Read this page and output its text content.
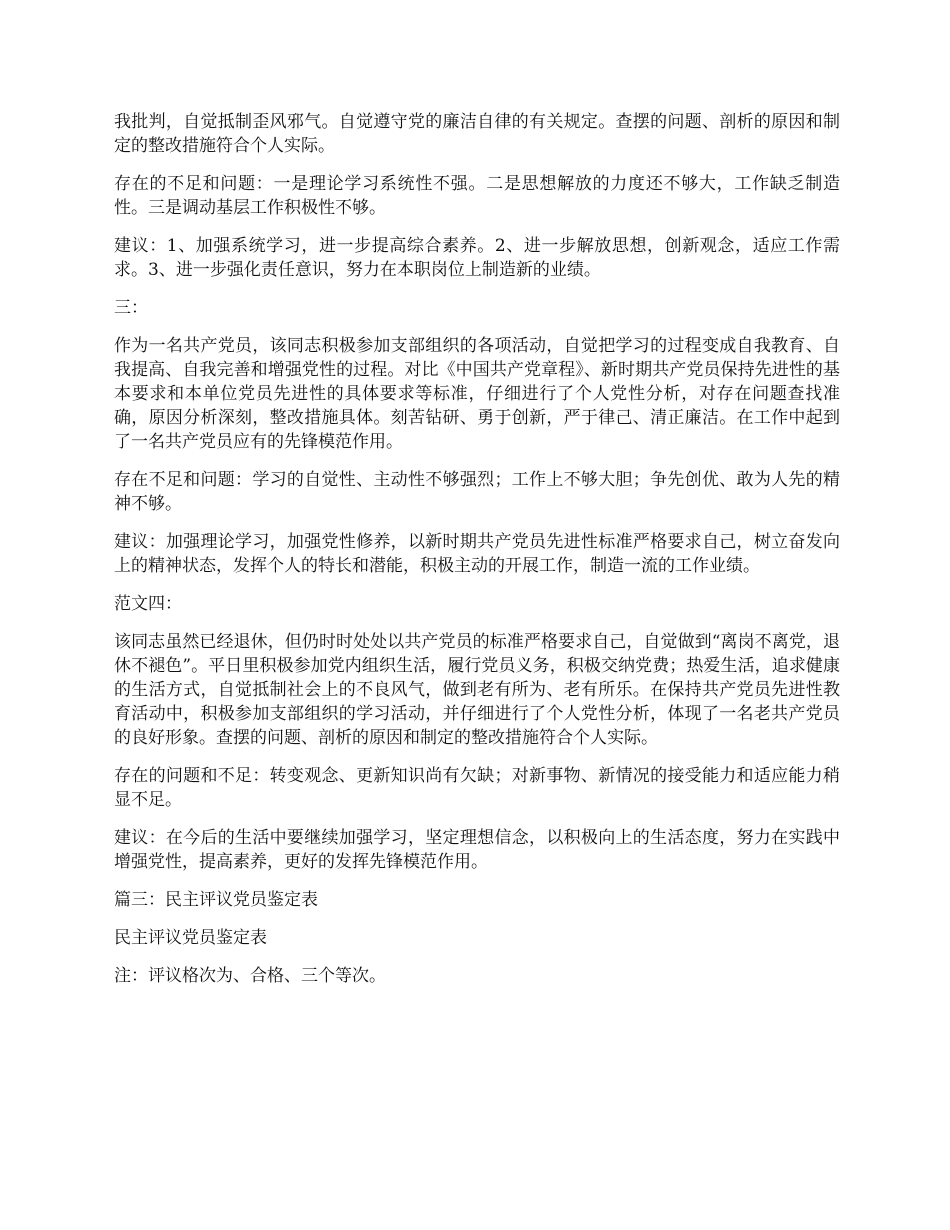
我批判，自觉抵制歪风邪气。自觉遵守党的廉洁自律的有关规定。查摆的问题、剖析的原因和制定的整改措施符合个人实际。

存在的不足和问题：一是理论学习系统性不强。二是思想解放的力度还不够大，工作缺乏制造性。三是调动基层工作积极性不够。

建议：1、加强系统学习，进一步提高综合素养。2、进一步解放思想，创新观念，适应工作需求。3、进一步强化责任意识，努力在本职岗位上制造新的业绩。

三：

作为一名共产党员，该同志积极参加支部组织的各项活动，自觉把学习的过程变成自我教育、自我提高、自我完善和增强党性的过程。对比《中国共产党章程》、新时期共产党员保持先进性的基本要求和本单位党员先进性的具体要求等标准，仔细进行了个人党性分析，对存在问题查找准确，原因分析深刻，整改措施具体。刻苦钻研、勇于创新，严于律己、清正廉洁。在工作中起到了一名共产党员应有的先锋模范作用。

存在不足和问题：学习的自觉性、主动性不够强烈；工作上不够大胆；争先创优、敢为人先的精神不够。

建议：加强理论学习，加强党性修养，以新时期共产党员先进性标准严格要求自己，树立奋发向上的精神状态，发挥个人的特长和潜能，积极主动的开展工作，制造一流的工作业绩。

范文四：

该同志虽然已经退休，但仍时时处处以共产党员的标准严格要求自己，自觉做到“离岗不离党，退休不褪色”。平日里积极参加党内组织生活，履行党员义务，积极交纳党费；热爱生活，追求健康的生活方式，自觉抵制社会上的不良风气，做到老有所为、老有所乐。在保持共产党员先进性教育活动中，积极参加支部组织的学习活动，并仔细进行了个人党性分析，体现了一名老共产党员的良好形象。查摆的问题、剖析的原因和制定的整改措施符合个人实际。

存在的问题和不足：转变观念、更新知识尚有欠缺；对新事物、新情况的接受能力和适应能力稍显不足。

建议：在今后的生活中要继续加强学习，坚定理想信念，以积极向上的生活态度，努力在实践中增强党性，提高素养，更好的发挥先锋模范作用。

篇三：民主评议党员鉴定表

民主评议党员鉴定表

注：评议格次为、合格、三个等次。
